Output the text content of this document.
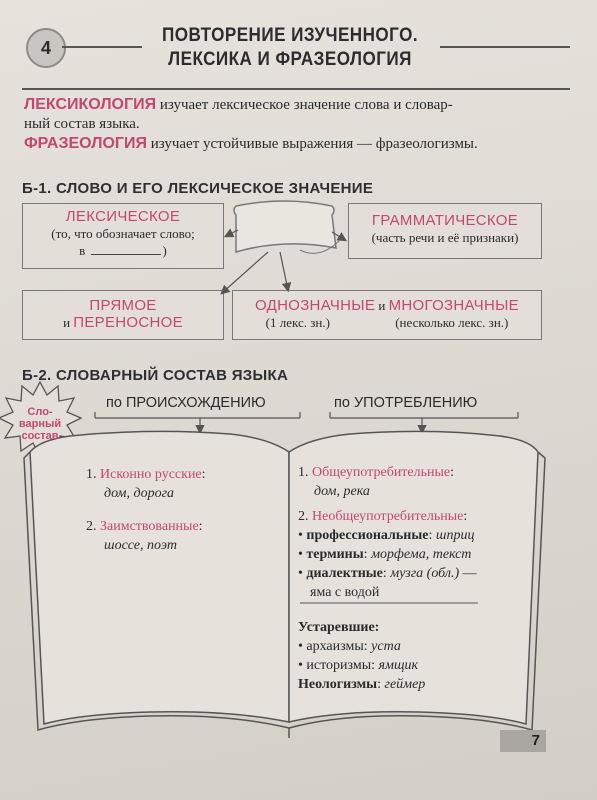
4
ПОВТОРЕНИЕ ИЗУЧЕННОГО.
ЛЕКСИКА И ФРАЗЕОЛОГИЯ
ЛЕКСИКОЛОГИЯ изучает лексическое значение слова и словар-
ный состав языка.
ФРАЗЕОЛОГИЯ изучает устойчивые выражения — фразеологизмы.
Б-1. СЛОВО И ЕГО ЛЕКСИЧЕСКОЕ ЗНАЧЕНИЕ
ЛЕКСИЧЕСКОЕ
(то, что обозначает слово;
в	)
ГРАММАТИЧЕСКОЕ
(часть речи и её признаки)
ПРЯМОЕ
и ПЕРЕНОСНОЕ
ОДНОЗНАЧНЫЕ и МНОГОЗНАЧНЫЕ
(1 лекс. зн.)	(несколько лекс. зн.)
Сло-
варный
состав
Б-2. СЛОВАРНЫЙ СОСТАВ ЯЗЫКА
по ПРОИСХОЖДЕНИЮ	по УПОТРЕБЛЕНИЮ
1. Исконно русские:
дом, дорога
2. Заимствованные:
шоссе, поэт
1. Общеупотребительные:
дом, река
2. Необщеупотребительные:
• профессиональные: шприц
• термины: морфема, текст
• диалектные: музга (обл.) —
яма с водой
Устаревшие:
• архаизмы: уста
• историзмы: ямщик
Неологизмы: геймер
7
